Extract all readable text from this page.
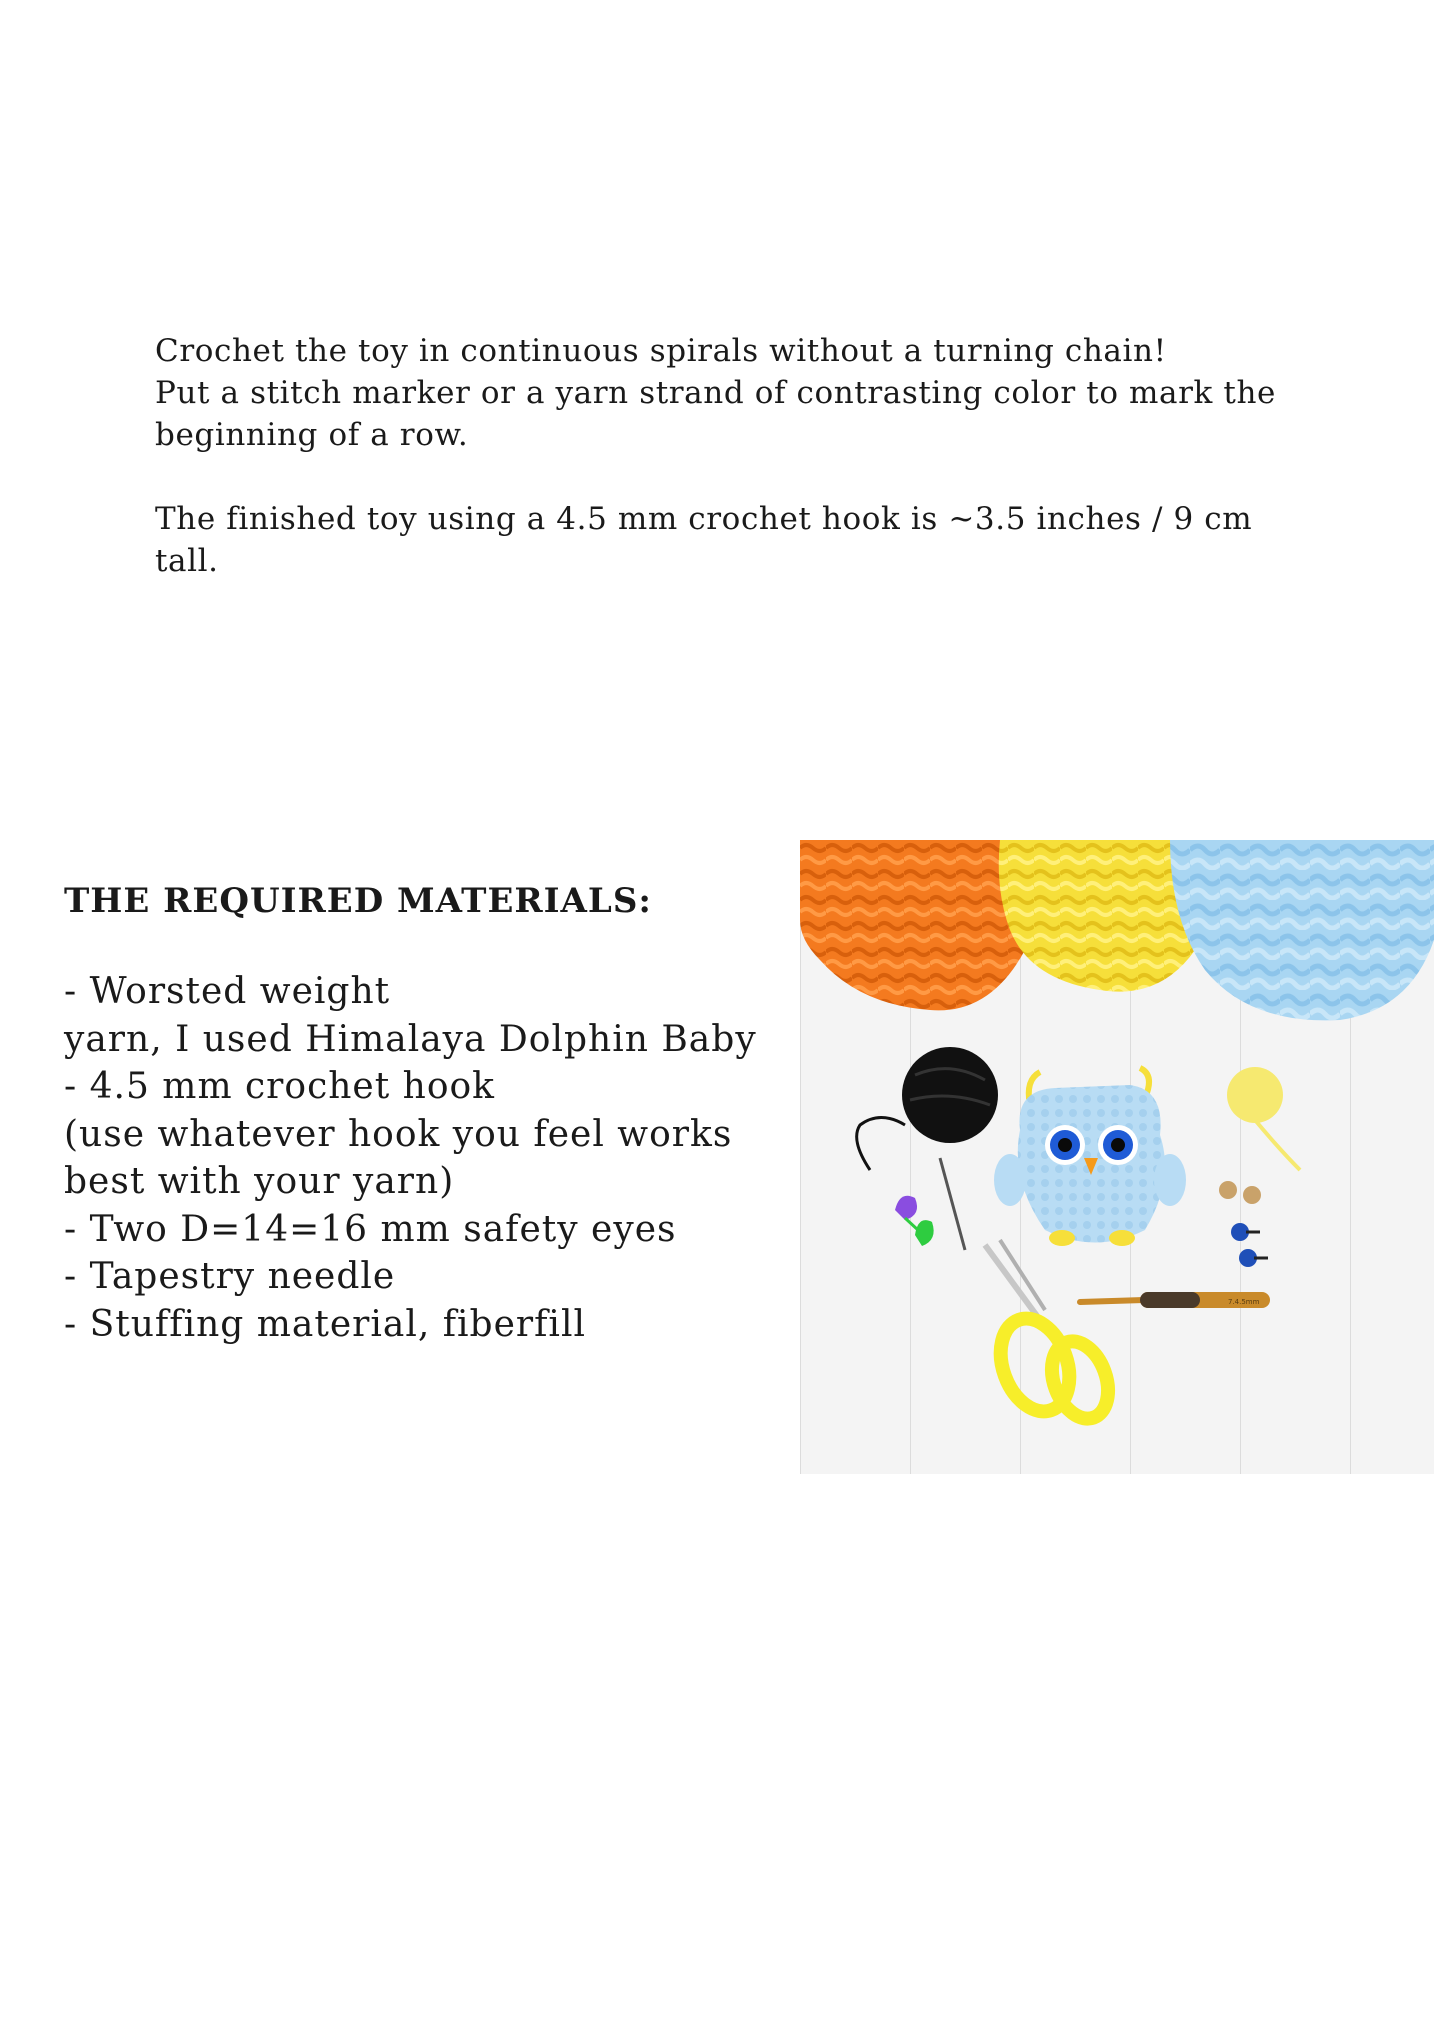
Crochet the toy in continuous spirals without a turning chain!

Put a stitch marker or a yarn strand of contrasting color to mark the

beginning of a row.

The finished toy using a 4.5 mm crochet hook is ~3.5 inches / 9 cm

tall.

THE REQUIRED MATERIALS:
- Worsted weight
yarn, I used Himalaya Dolphin Baby
- 4.5 mm crochet hook
(use whatever hook you feel works
best with your yarn)
- Two D=14=16 mm safety eyes
- Tapestry needle
- Stuffing material, fiberfill
7.4.5mm
